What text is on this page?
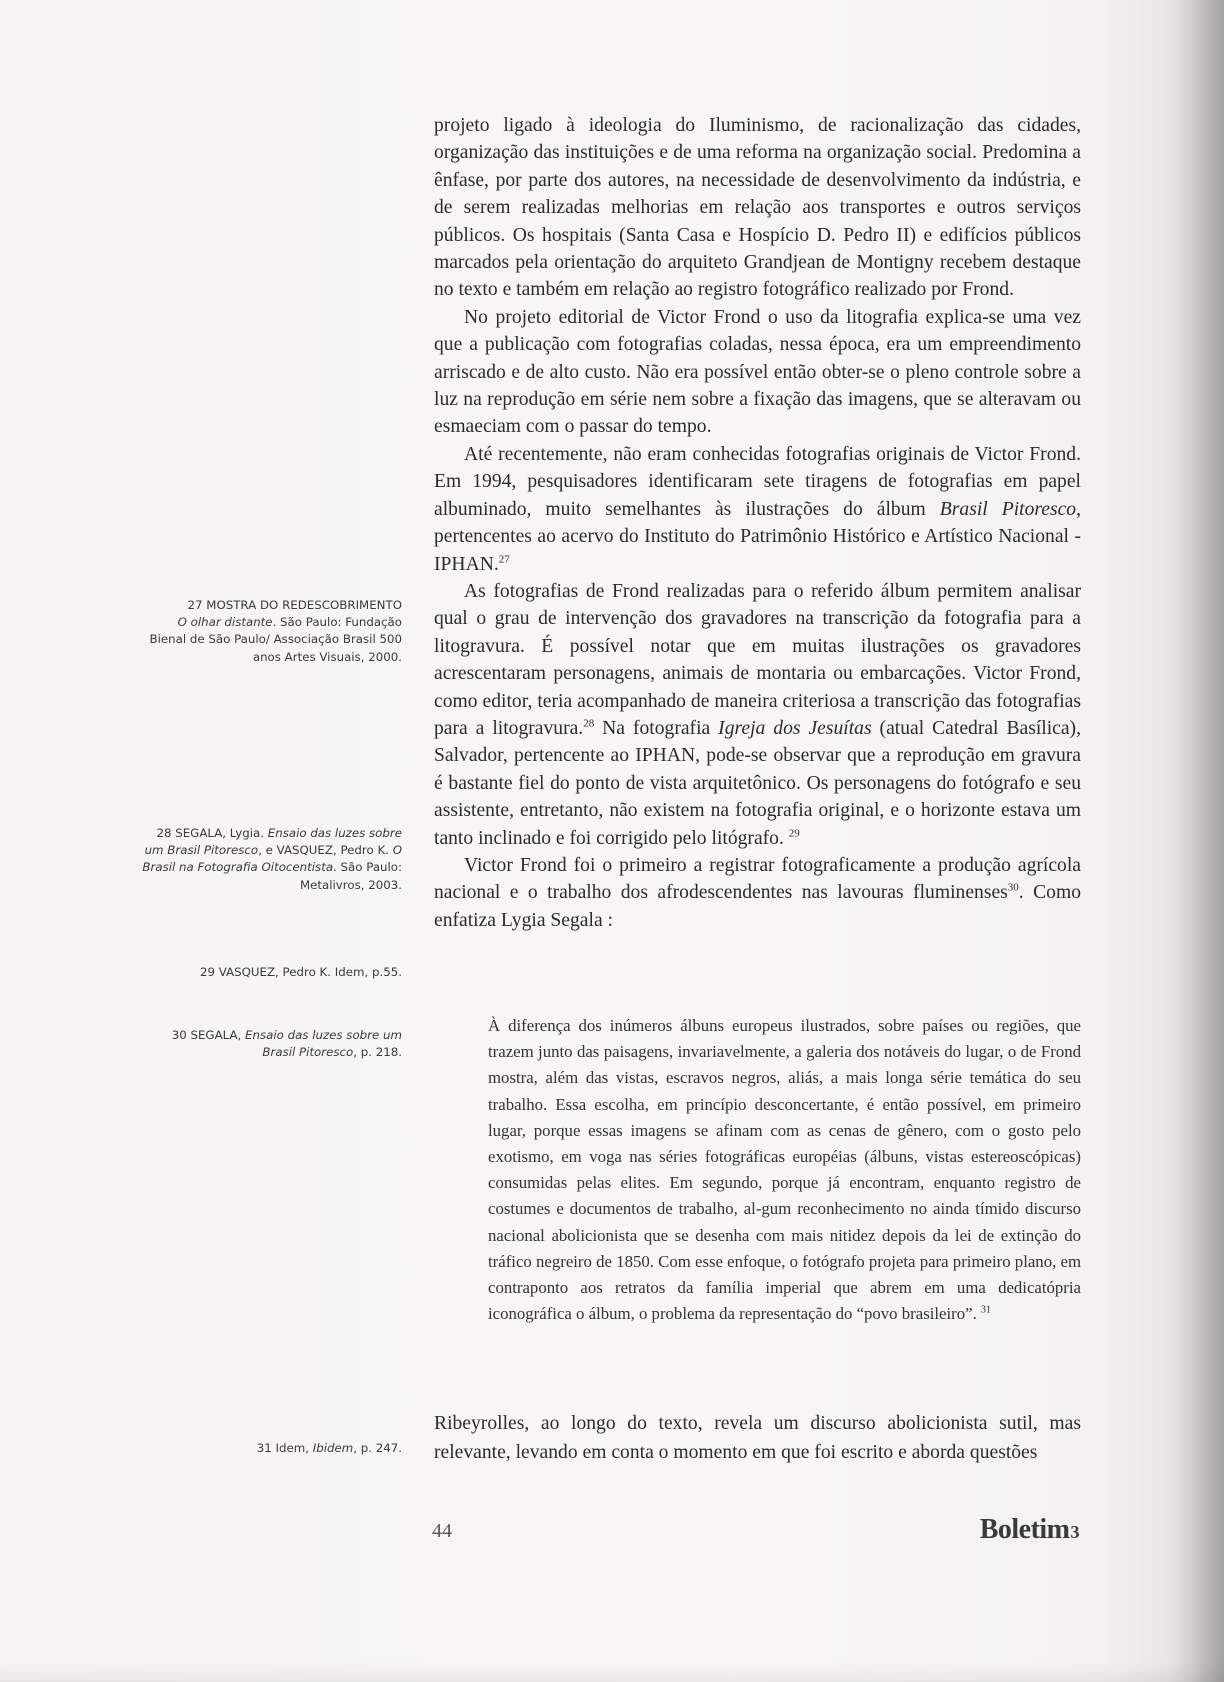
projeto ligado à ideologia do Iluminismo, de racionalização das cidades, organização das instituições e de uma reforma na organização social. Predomina a ênfase, por parte dos autores, na necessidade de desenvolvimento da indústria, e de serem realizadas melhorias em relação aos transportes e outros serviços públicos. Os hospitais (Santa Casa e Hospício D. Pedro II) e edifícios públicos marcados pela orientação do arquiteto Grandjean de Montigny recebem destaque no texto e também em relação ao registro fotográfico realizado por Frond.

No projeto editorial de Victor Frond o uso da litografia explica-se uma vez que a publicação com fotografias coladas, nessa época, era um empreendimento arriscado e de alto custo. Não era possível então obter-se o pleno controle sobre a luz na reprodução em série nem sobre a fixação das imagens, que se alteravam ou esmaeciam com o passar do tempo.

Até recentemente, não eram conhecidas fotografias originais de Victor Frond. Em 1994, pesquisadores identificaram sete tiragens de fotografias em papel albuminado, muito semelhantes às ilustrações do álbum Brasil Pitoresco, pertencentes ao acervo do Instituto do Patrimônio Histórico e Artístico Nacional - IPHAN.$^{27}$

As fotografias de Frond realizadas para o referido álbum permitem analisar qual o grau de intervenção dos gravadores na transcrição da fotografia para a litogravura. É possível notar que em muitas ilustrações os gravadores acrescentaram personagens, animais de montaria ou embarcações. Victor Frond, como editor, teria acompanhado de maneira criteriosa a transcrição das fotografias para a litogravura.$^{28}$ Na fotografia Igreja dos Jesuítas (atual Catedral Basílica), Salvador, pertencente ao IPHAN, pode-se observar que a reprodução em gravura é bastante fiel do ponto de vista arquitetônico. Os personagens do fotógrafo e seu assistente, entretanto, não existem na fotografia original, e o horizonte estava um tanto inclinado e foi corrigido pelo litógrafo. $^{29}$

Victor Frond foi o primeiro a registrar fotograficamente a produção agrícola nacional e o trabalho dos afrodescendentes nas lavouras fluminenses$^{30}$. Como enfatiza Lygia Segala :

À diferença dos inúmeros álbuns europeus ilustrados, sobre países ou regiões, que trazem junto das paisagens, invariavelmente, a galeria dos notáveis do lugar, o de Frond mostra, além das vistas, escravos negros, aliás, a mais longa série temática do seu trabalho. Essa escolha, em princípio desconcertante, é então possível, em primeiro lugar, porque essas imagens se afinam com as cenas de gênero, com o gosto pelo exotismo, em voga nas séries fotográficas européias (álbuns, vistas estereoscópicas) consumidas pelas elites. Em segundo, porque já encontram, enquanto registro de costumes e documentos de trabalho, al-gum reconhecimento no ainda tímido discurso nacional abolicionista que se desenha com mais nitidez depois da lei de extinção do tráfico negreiro de 1850. Com esse enfoque, o fotógrafo projeta para primeiro plano, em contraponto aos retratos da família imperial que abrem em uma dedicatópria iconográfica o álbum, o problema da representação do “povo brasileiro”. $^{31}$

Ribeyrolles, ao longo do texto, revela um discurso abolicionista sutil, mas relevante, levando em conta o momento em que foi escrito e aborda questões

27 MOSTRA DO REDESCOBRIMENTO
O olhar distante. São Paulo: Fundação Bienal de São Paulo/ Associação Brasil 500 anos Artes Visuais, 2000.
28 SEGALA, Lygia. Ensaio das luzes sobre um Brasil Pitoresco, e VASQUEZ, Pedro K. O Brasil na Fotografia Oitocentista. São Paulo: Metalivros, 2003.
29 VASQUEZ, Pedro K. Idem, p.55.
30 SEGALA, Ensaio das luzes sobre um Brasil Pitoresco, p. 218.
31 Idem, Ibidem, p. 247.
44	Boletim3
